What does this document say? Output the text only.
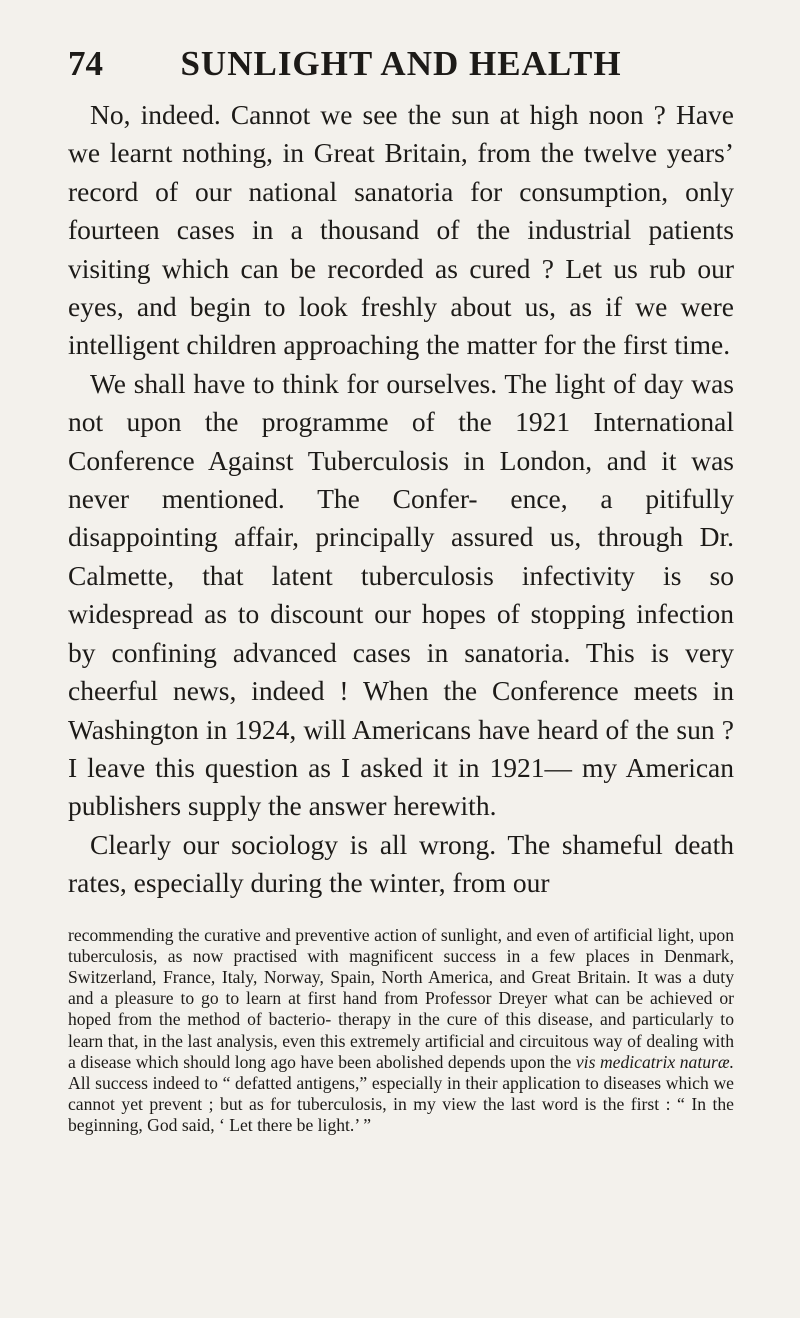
74	SUNLIGHT AND HEALTH

No, indeed. Cannot we see the sun at high noon ? Have we learnt nothing, in Great Britain, from the twelve years’ record of our national sanatoria for consumption, only fourteen cases in a thousand of the industrial patients visiting which can be recorded as cured ? Let us rub our eyes, and begin to look freshly about us, as if we were intelligent children approaching the matter for the first time.

We shall have to think for ourselves. The light of day was not upon the programme of the 1921 International Conference Against Tuberculosis in London, and it was never mentioned. The Confer- ence, a pitifully disappointing affair, principally assured us, through Dr. Calmette, that latent tuberculosis infectivity is so widespread as to discount our hopes of stopping infection by confining advanced cases in sanatoria. This is very cheerful news, indeed ! When the Conference meets in Washington in 1924, will Americans have heard of the sun ? I leave this question as I asked it in 1921— my American publishers supply the answer herewith.

Clearly our sociology is all wrong. The shameful death rates, especially during the winter, from our

recommending the curative and preventive action of sunlight, and even of artificial light, upon tuberculosis, as now practised with magnificent success in a few places in Denmark, Switzerland, France, Italy, Norway, Spain, North America, and Great Britain. It was a duty and a pleasure to go to learn at first hand from Professor Dreyer what can be achieved or hoped from the method of bacterio- therapy in the cure of this disease, and particularly to learn that, in the last analysis, even this extremely artificial and circuitous way of dealing with a disease which should long ago have been abolished depends upon the vis medicatrix naturæ. All success indeed to “ defatted antigens,” especially in their application to diseases which we cannot yet prevent ; but as for tuberculosis, in my view the last word is the first : “ In the beginning, God said, ‘ Let there be light.’ ”
